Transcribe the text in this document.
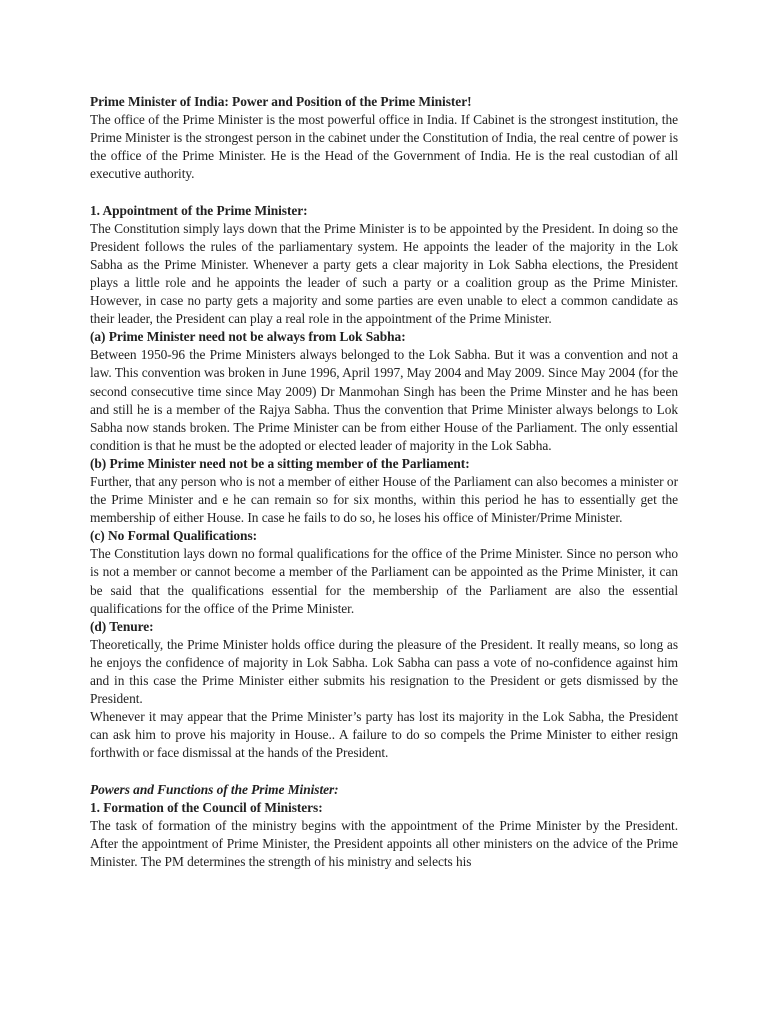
Prime Minister of India: Power and Position of the Prime Minister!

The office of the Prime Minister is the most powerful office in India. If Cabinet is the strongest institution, the Prime Minister is the strongest person in the cabinet under the Constitution of India, the real centre of power is the office of the Prime Minister. He is the Head of the Government of India. He is the real custodian of all executive authority.

1. Appointment of the Prime Minister:

The Constitution simply lays down that the Prime Minister is to be appointed by the President. In doing so the President follows the rules of the parliamentary system. He appoints the leader of the majority in the Lok Sabha as the Prime Minister. Whenever a party gets a clear majority in Lok Sabha elections, the President plays a little role and he appoints the leader of such a party or a coalition group as the Prime Minister. However, in case no party gets a majority and some parties are even unable to elect a common candidate as their leader, the President can play a real role in the appointment of the Prime Minister.

(a) Prime Minister need not be always from Lok Sabha:

Between 1950-96 the Prime Ministers always belonged to the Lok Sabha. But it was a convention and not a law. This convention was broken in June 1996, April 1997, May 2004 and May 2009. Since May 2004 (for the second consecutive time since May 2009) Dr Manmohan Singh has been the Prime Minster and he has been and still he is a member of the Rajya Sabha. Thus the convention that Prime Minister always belongs to Lok Sabha now stands broken. The Prime Minister can be from either House of the Parliament. The only essential condition is that he must be the adopted or elected leader of majority in the Lok Sabha.

(b) Prime Minister need not be a sitting member of the Parliament:

Further, that any person who is not a member of either House of the Parliament can also becomes a minister or the Prime Minister and e he can remain so for six months, within this period he has to essentially get the membership of either House. In case he fails to do so, he loses his office of Minister/Prime Minister.

(c) No Formal Qualifications:

The Constitution lays down no formal qualifications for the office of the Prime Minister. Since no person who is not a member or cannot become a member of the Parliament can be appointed as the Prime Minister, it can be said that the qualifications essential for the membership of the Parliament are also the essential qualifications for the office of the Prime Minister.

(d) Tenure:

Theoretically, the Prime Minister holds office during the pleasure of the President. It really means, so long as he enjoys the confidence of majority in Lok Sabha. Lok Sabha can pass a vote of no-confidence against him and in this case the Prime Minister either submits his resignation to the President or gets dismissed by the President.

Whenever it may appear that the Prime Minister’s party has lost its majority in the Lok Sabha, the President can ask him to prove his majority in House.. A failure to do so compels the Prime Minister to either resign forthwith or face dismissal at the hands of the President.

Powers and Functions of the Prime Minister:

1. Formation of the Council of Ministers:

The task of formation of the ministry begins with the appointment of the Prime Minister by the President. After the appointment of Prime Minister, the President appoints all other ministers on the advice of the Prime Minister. The PM determines the strength of his ministry and selects his
